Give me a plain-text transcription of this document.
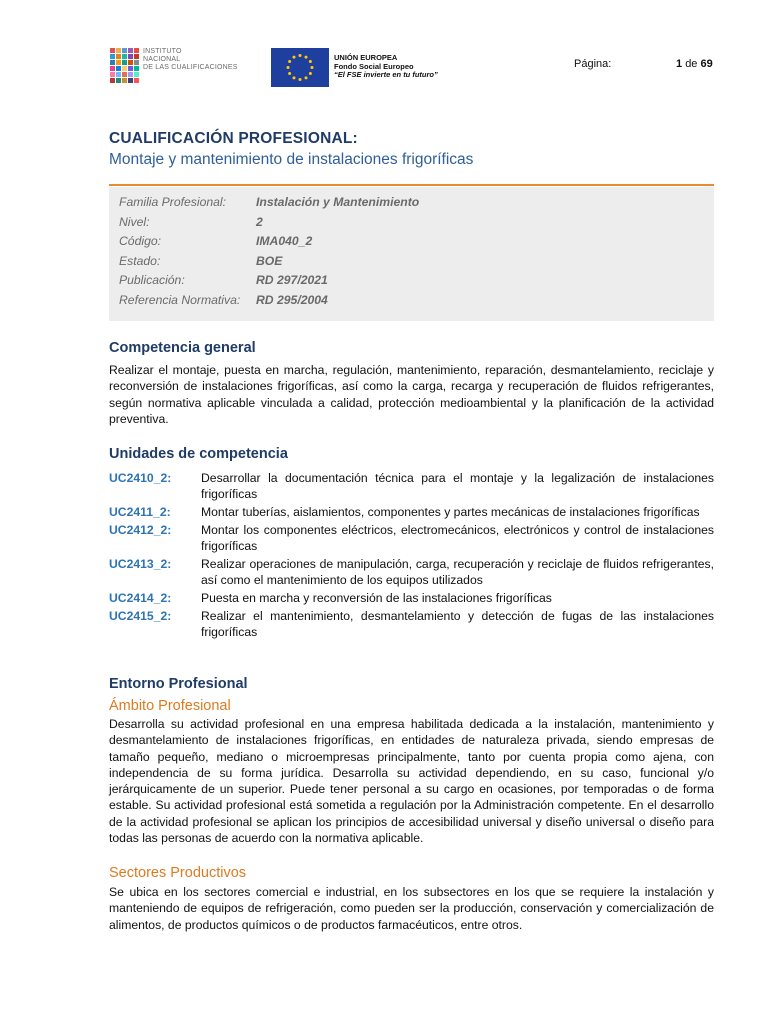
INSTITUTO
NACIONAL
DE LAS CUALIFICACIONES
UNIÓN EUROPEA
Fondo Social Europeo
“El FSE invierte en tu futuro”
Página:	1 de 69
CUALIFICACIÓN PROFESIONAL:
Montaje y mantenimiento de instalaciones frigoríficas
Familia Profesional:	Instalación y Mantenimiento
Nivel:	2
Código:	IMA040_2
Estado:	BOE
Publicación:	RD 297/2021
Referencia Normativa:	RD 295/2004
Competencia general

Realizar el montaje, puesta en marcha, regulación, mantenimiento, reparación, desmantelamiento, reciclaje y reconversión de instalaciones frigoríficas, así como la carga, recarga y recuperación de fluidos refrigerantes, según normativa aplicable vinculada a calidad, protección medioambiental y la planificación de la actividad preventiva.

Unidades de competencia
UC2410_2:	Desarrollar la documentación técnica para el montaje y la legalización de instalaciones frigoríficas
UC2411_2:	Montar tuberías, aislamientos, componentes y partes mecánicas de instalaciones frigoríficas
UC2412_2:	Montar los componentes eléctricos, electromecánicos, electrónicos y control de instalaciones frigoríficas
UC2413_2:	Realizar operaciones de manipulación, carga, recuperación y reciclaje de fluidos refrigerantes, así como el mantenimiento de los equipos utilizados
UC2414_2:	Puesta en marcha y reconversión de las instalaciones frigoríficas
UC2415_2:	Realizar el mantenimiento, desmantelamiento y detección de fugas de las instalaciones frigoríficas
Entorno Profesional
Ámbito Profesional

Desarrolla su actividad profesional en una empresa habilitada dedicada a la instalación, mantenimiento y desmantelamiento de instalaciones frigoríficas, en entidades de naturaleza privada, siendo empresas de tamaño pequeño, mediano o microempresas principalmente, tanto por cuenta propia como ajena, con independencia de su forma jurídica. Desarrolla su actividad dependiendo, en su caso, funcional y/o jerárquicamente de un superior. Puede tener personal a su cargo en ocasiones, por temporadas o de forma estable. Su actividad profesional está sometida a regulación por la Administración competente. En el desarrollo de la actividad profesional se aplican los principios de accesibilidad universal y diseño universal o diseño para todas las personas de acuerdo con la normativa aplicable.

Sectores Productivos

Se ubica en los sectores comercial e industrial, en los subsectores en los que se requiere la instalación y manteniendo de equipos de refrigeración, como pueden ser la producción, conservación y comercialización de alimentos, de productos químicos o de productos farmacéuticos, entre otros.
